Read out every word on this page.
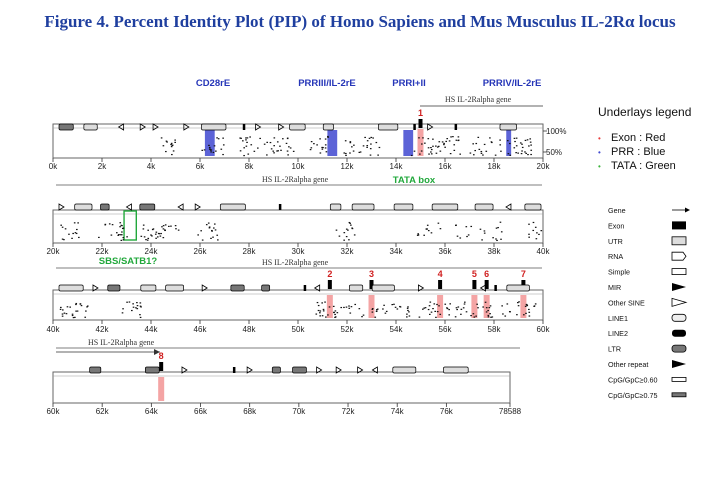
Figure 4. Percent Identity Plot (PIP) of Homo Sapiens and Mus Musculus IL-2Rα locus
0k	2k	4k	6k	8k	10k	12k	14k	16k	18k	20k
20k	22k	24k	26k	28k	30k	32k	34k	36k	38k	40k
40k	42k	44k	46k	48k	50k	52k	54k	56k	58k	60k
60k	62k	64k	66k	68k	70k	72k	74k	76k	78588
100%
50%
HS IL-2Ralpha gene
HS IL-2Ralpha gene
HS IL-2Ralpha gene
HS IL-2Ralpha gene
CD28rE	PRRIII/IL-2rE	PRRI+II	PRRIV/IL-2rE
TATA box
SBS/SATB1?
1
2	3	4	5 6	7
8
Underlays legend
• Exon : Red
• PRR : Blue
• TATA : Green
Gene
Exon
UTR
RNA
Simple
MIR
Other SINE
LINE1
LINE2
LTR
Other repeat
CpG/GpC≥0.60
CpG/GpC≥0.75
